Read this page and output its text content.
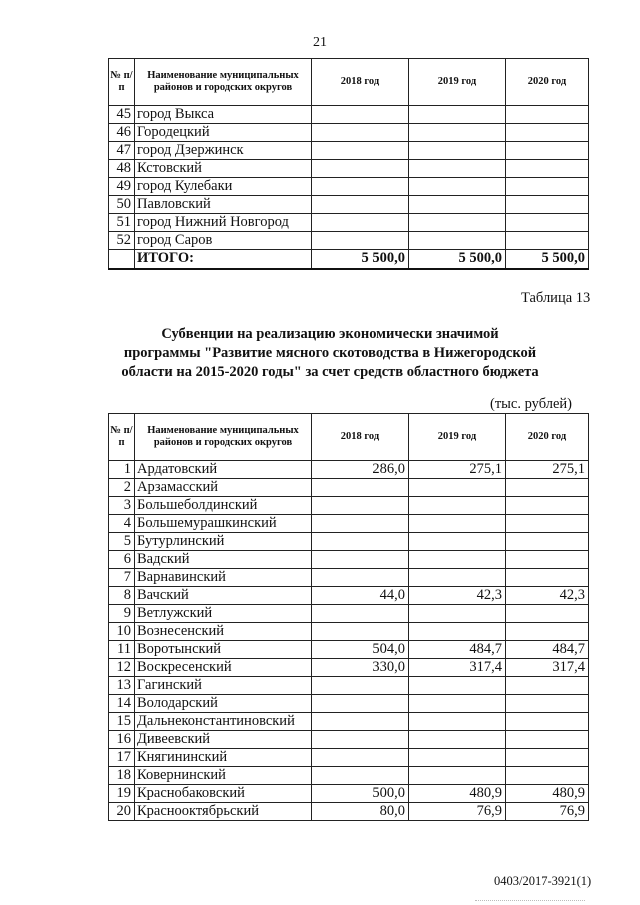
21
№ п/п	Наименование муниципальных районов и городских округов	2018 год	2019 год	2020 год
45	город Выкса			
46	Городецкий			
47	город Дзержинск			
48	Кстовский			
49	город Кулебаки			
50	Павловский			
51	город Нижний Новгород			
52	город Саров			
	ИТОГО:	5 500,0	5 500,0	5 500,0
Таблица 13
Субвенции на реализацию экономически значимой
программы "Развитие мясного скотоводства в Нижегородской
области на 2015-2020 годы" за счет средств областного бюджета
(тыс. рублей)
№ п/п	Наименование муниципальных районов и городских округов	2018 год	2019 год	2020 год
1	Ардатовский	286,0	275,1	275,1
2	Арзамасский			
3	Большеболдинский			
4	Большемурашкинский			
5	Бутурлинский			
6	Вадский			
7	Варнавинский			
8	Вачский	44,0	42,3	42,3
9	Ветлужский			
10	Вознесенский			
11	Воротынский	504,0	484,7	484,7
12	Воскресенский	330,0	317,4	317,4
13	Гагинский			
14	Володарский			
15	Дальнеконстантиновский			
16	Дивеевский			
17	Княгининский			
18	Ковернинский			
19	Краснобаковский	500,0	480,9	480,9
20	Краснооктябрьский	80,0	76,9	76,9
0403/2017-3921(1)
